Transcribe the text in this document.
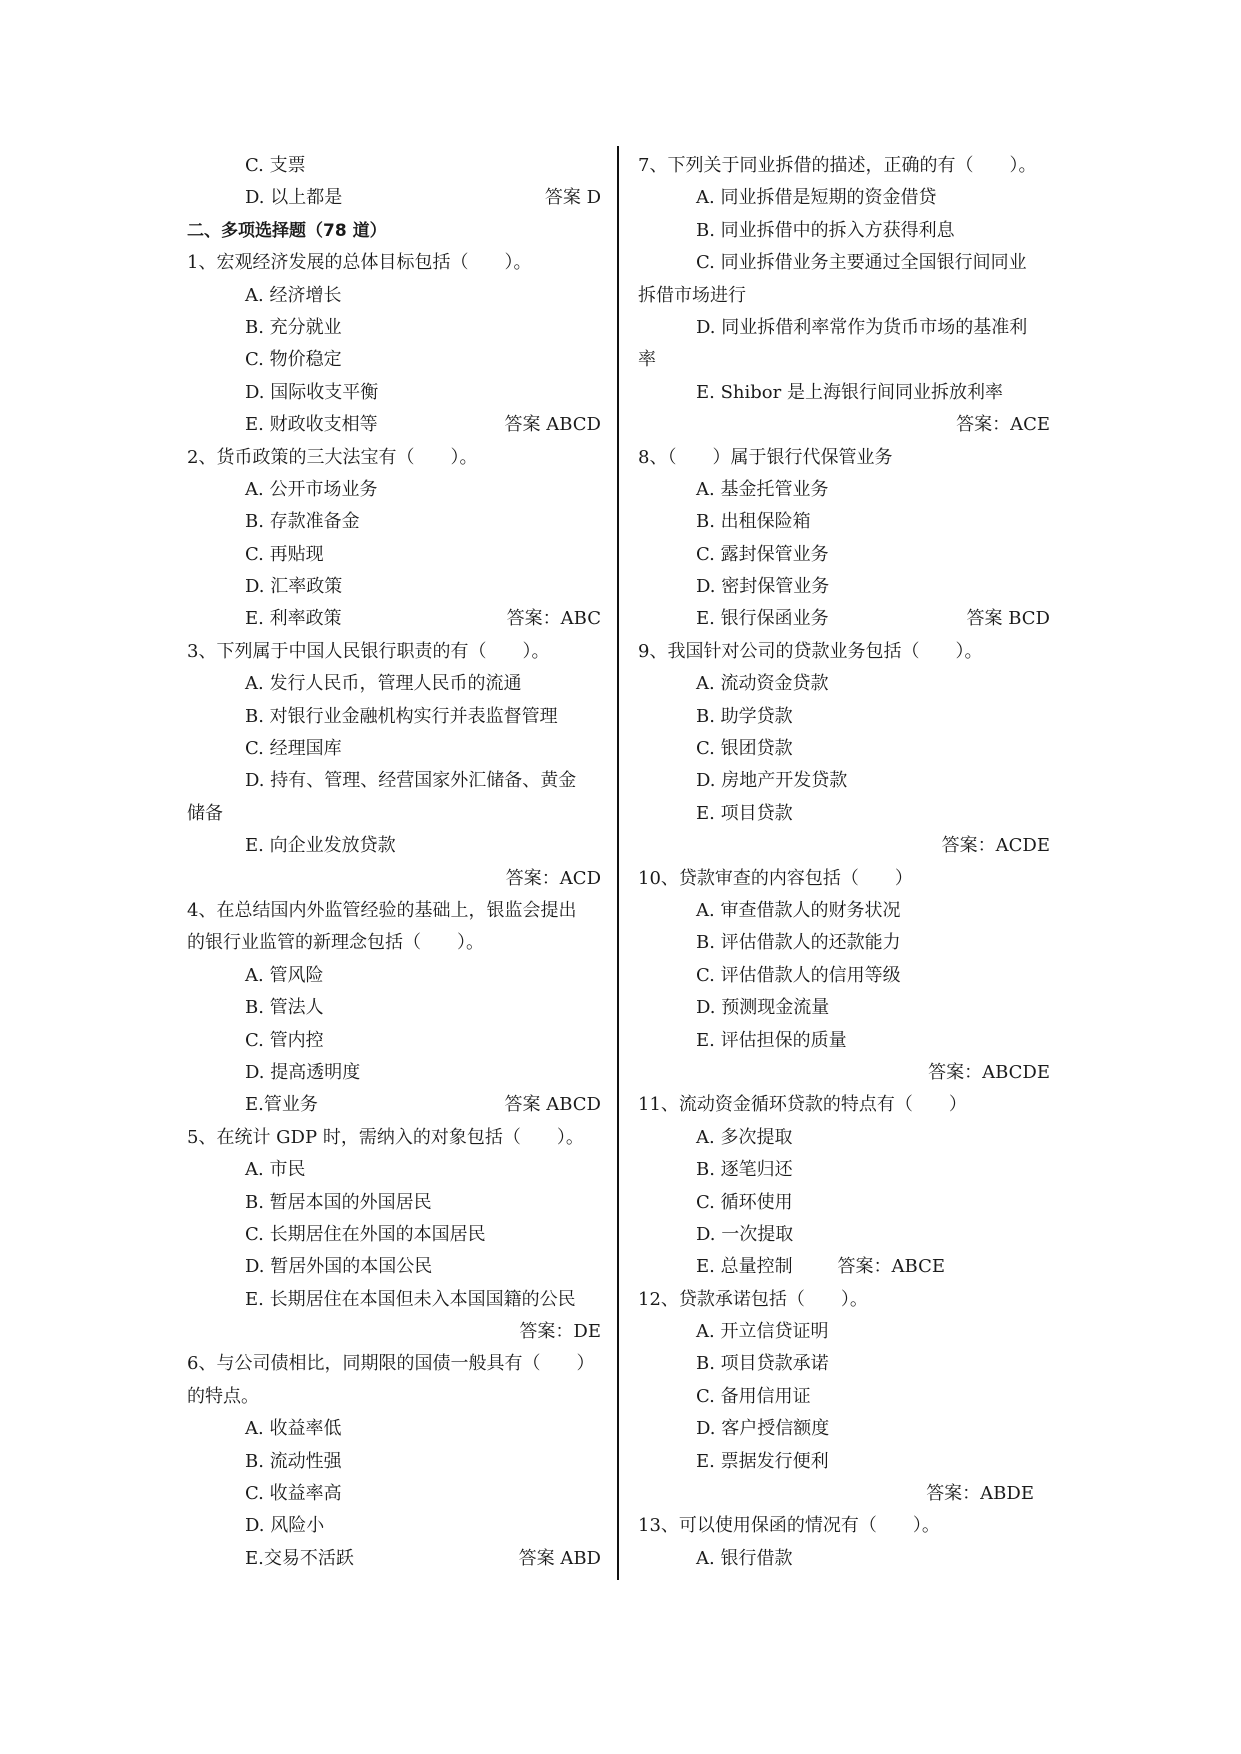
C. 支票
D. 以上都是	答案 D
二、多项选择题（78 道）
1、宏观经济发展的总体目标包括（　　）。
A. 经济增长
B. 充分就业
C. 物价稳定
D. 国际收支平衡
E. 财政收支相等	答案 ABCD
2、货币政策的三大法宝有（　　）。
A. 公开市场业务
B. 存款准备金
C. 再贴现
D. 汇率政策
E. 利率政策	答案：ABC
3、下列属于中国人民银行职责的有（　　）。
A. 发行人民币，管理人民币的流通
B. 对银行业金融机构实行并表监督管理
C. 经理国库
D. 持有、管理、经营国家外汇储备、黄金
储备
E. 向企业发放贷款
答案：ACD
4、在总结国内外监管经验的基础上，银监会提出
的银行业监管的新理念包括（　　）。
A. 管风险
B. 管法人
C. 管内控
D. 提高透明度
E.管业务	答案 ABCD
5、在统计 GDP 时，需纳入的对象包括（　　）。
A. 市民
B. 暂居本国的外国居民
C. 长期居住在外国的本国居民
D. 暂居外国的本国公民
E. 长期居住在本国但未入本国国籍的公民
答案：DE
6、与公司债相比，同期限的国债一般具有（　　）
的特点。
A. 收益率低
B. 流动性强
C. 收益率高
D. 风险小
E.交易不活跃	答案 ABD
7、下列关于同业拆借的描述，正确的有（　　）。
A. 同业拆借是短期的资金借贷
B. 同业拆借中的拆入方获得利息
C. 同业拆借业务主要通过全国银行间同业
拆借市场进行
D. 同业拆借利率常作为货币市场的基准利
率
E. Shibor 是上海银行间同业拆放利率
答案：ACE
8、（　　）属于银行代保管业务
A. 基金托管业务
B. 出租保险箱
C. 露封保管业务
D. 密封保管业务
E. 银行保函业务	答案 BCD
9、我国针对公司的贷款业务包括（　　）。
A. 流动资金贷款
B. 助学贷款
C. 银团贷款
D. 房地产开发贷款
E. 项目贷款
答案：ACDE
10、贷款审查的内容包括（　　）
A. 审查借款人的财务状况
B. 评估借款人的还款能力
C. 评估借款人的信用等级
D. 预测现金流量
E. 评估担保的质量
答案：ABCDE
11、流动资金循环贷款的特点有（　　）
A. 多次提取
B. 逐笔归还
C. 循环使用
D. 一次提取
E. 总量控制 答案：ABCE
12、贷款承诺包括（　　）。
A. 开立信贷证明
B. 项目贷款承诺
C. 备用信用证
D. 客户授信额度
E. 票据发行便利
答案：ABDE
13、可以使用保函的情况有（　　）。
A. 银行借款
